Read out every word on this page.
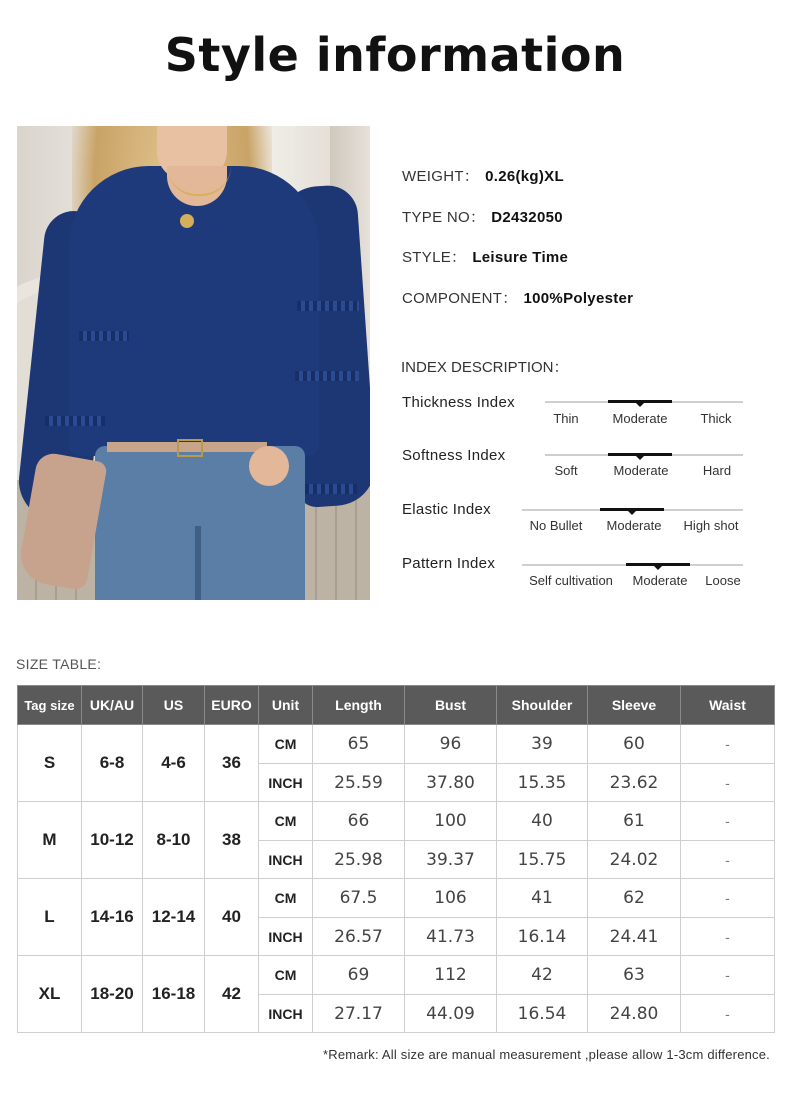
Style information
WEIGHT： 0.26(kg)XL
TYPE NO： D2432050
STYLE： Leisure Time
COMPONENT： 100%Polyester
INDEX DESCRIPTION：
Thickness Index
Thin	Moderate	Thick
Softness Index
Soft	Moderate	Hard
Elastic Index
No Bullet Moderate High shot
Pattern Index
Self cultivation Moderate Loose
SIZE TABLE:
Tag size	UK/AU	US	EURO	Unit	Length	Bust	Shoulder	Sleeve	Waist
S	6-8	4-6	36	CM	65	96	39	60	-
				INCH	25.59	37.80	15.35	23.62	-
M	10-12	8-10	38	CM	66	100	40	61	-
				INCH	25.98	39.37	15.75	24.02	-
L	14-16	12-14	40	CM	67.5	106	41	62	-
				INCH	26.57	41.73	16.14	24.41	-
XL	18-20	16-18	42	CM	69	112	42	63	-
				INCH	27.17	44.09	16.54	24.80	-
*Remark: All size are manual measurement ,please allow 1-3cm difference.
